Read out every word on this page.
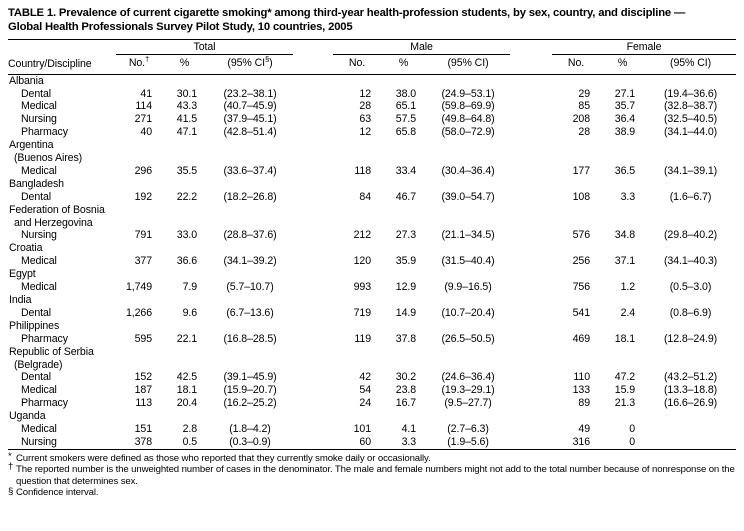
TABLE 1. Prevalence of current cigarette smoking* among third-year health-profession students, by sex, country, and discipline —
Global Health Professionals Survey Pilot Study, 10 countries, 2005
	Total				Male				Female		
Country/Discipline	No.†	%	(95% CI§)		No.	%	(95% CI)		No.	%	(95% CI)

Albania											
Dental	41	30.1	(23.2–38.1)		12	38.0	(24.9–53.1)		29	27.1	(19.4–36.6)
Medical	114	43.3	(40.7–45.9)		28	65.1	(59.8–69.9)		85	35.7	(32.8–38.7)
Nursing	271	41.5	(37.9–45.1)		63	57.5	(49.8–64.8)		208	36.4	(32.5–40.5)
Pharmacy	40	47.1	(42.8–51.4)		12	65.8	(58.0–72.9)		28	38.9	(34.1–44.0)
Argentina											
(Buenos Aires)											
Medical	296	35.5	(33.6–37.4)		118	33.4	(30.4–36.4)		177	36.5	(34.1–39.1)
Bangladesh											
Dental	192	22.2	(18.2–26.8)		84	46.7	(39.0–54.7)		108	3.3	(1.6–6.7)
Federation of Bosnia											
and Herzegovina											
Nursing	791	33.0	(28.8–37.6)		212	27.3	(21.1–34.5)		576	34.8	(29.8–40.2)
Croatia											
Medical	377	36.6	(34.1–39.2)		120	35.9	(31.5–40.4)		256	37.1	(34.1–40.3)
Egypt											
Medical	1,749	7.9	(5.7–10.7)		993	12.9	(9.9–16.5)		756	1.2	(0.5–3.0)
India											
Dental	1,266	9.6	(6.7–13.6)		719	14.9	(10.7–20.4)		541	2.4	(0.8–6.9)
Philippines											
Pharmacy	595	22.1	(16.8–28.5)		119	37.8	(26.5–50.5)		469	18.1	(12.8–24.9)
Republic of Serbia											
(Belgrade)											
Dental	152	42.5	(39.1–45.9)		42	30.2	(24.6–36.4)		110	47.2	(43.2–51.2)
Medical	187	18.1	(15.9–20.7)		54	23.8	(19.3–29.1)		133	15.9	(13.3–18.8)
Pharmacy	113	20.4	(16.2–25.2)		24	16.7	(9.5–27.7)		89	21.3	(16.6–26.9)
Uganda											
Medical	151	2.8	(1.8–4.2)		101	4.1	(2.7–6.3)		49	0	
Nursing	378	0.5	(0.3–0.9)		60	3.3	(1.9–5.6)		316	0	
* Current smokers were defined as those who reported that they currently smoke daily or occasionally.
† The reported number is the unweighted number of cases in the denominator. The male and female numbers might not add to the total number because of nonresponse on the question that determines sex.
§ Confidence interval.
